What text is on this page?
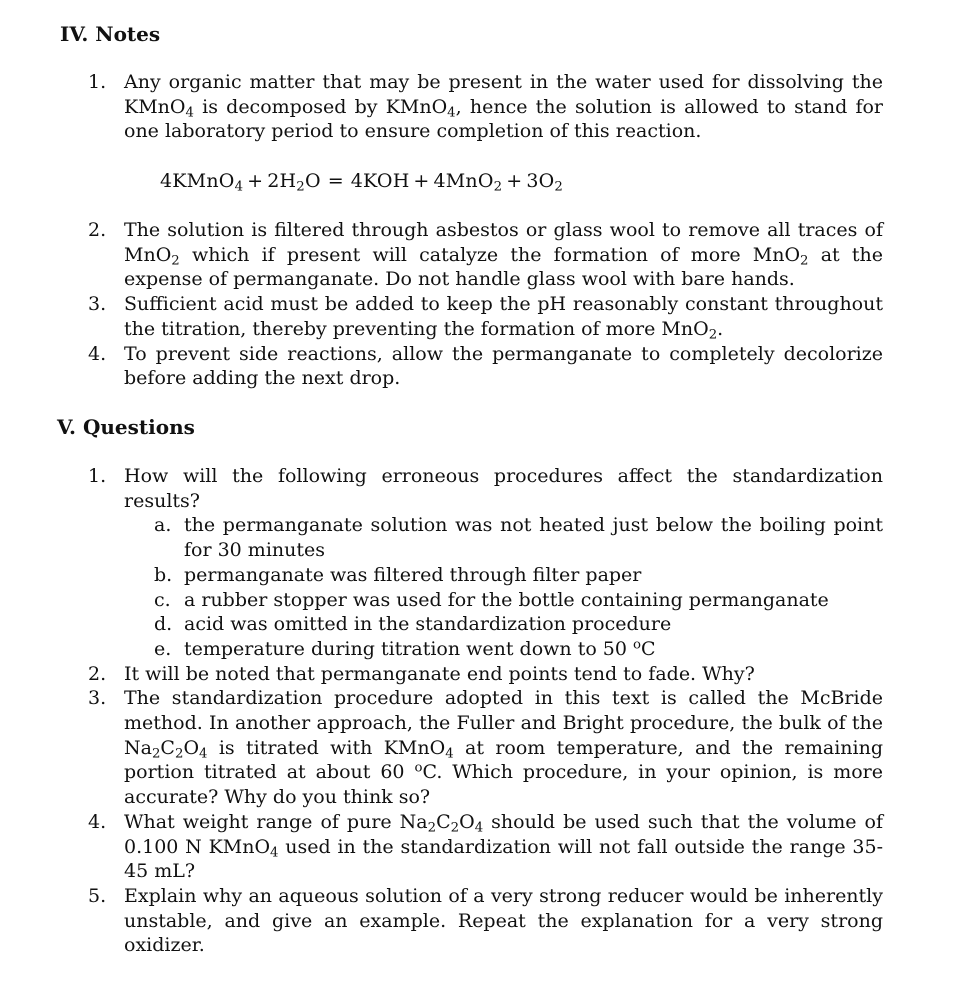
IV. Notes
1. Any organic matter that may be present in the water used for dissolving the KMnO$_4$ is decomposed by KMnO$_4$, hence the solution is allowed to stand for one laboratory period to ensure completion of this reaction.
4KMnO$_4$ + $2H_2O = 4KOH + 4MnO_2 + 3O_2$
2. The solution is filtered through asbestos or glass wool to remove all traces of MnO$_2$ which if present will catalyze the formation of more MnO$_2$ at the expense of permanganate. Do not handle glass wool with bare hands.
3. Sufficient acid must be added to keep the pH reasonably constant throughout the titration, thereby preventing the formation of more MnO$_2$.
4. To prevent side reactions, allow the permanganate to completely decolorize before adding the next drop.
V. Questions
1. How will the following erroneous procedures affect the standardization results?
a. the permanganate solution was not heated just below the boiling point for 30 minutes
b. permanganate was filtered through filter paper
c. a rubber stopper was used for the bottle containing permanganate
d. acid was omitted in the standardization procedure
e. temperature during titration went down to 50 $^o$C
2. It will be noted that permanganate end points tend to fade. Why?
3. The standardization procedure adopted in this text is called the McBride method. In another approach, the Fuller and Bright procedure, the bulk of the $Na_2C_2O_4$ is titrated with KMnO$_4$ at room temperature, and the remaining portion titrated at about 60 $^o$C. Which procedure, in your opinion, is more accurate? Why do you think so?
4. What weight range of pure $Na_2C_2O_4$ should be used such that the volume of 0.100 N KMnO$_4$ used in the standardization will not fall outside the range 35-45 mL?
5. Explain why an aqueous solution of a very strong reducer would be inherently unstable, and give an example. Repeat the explanation for a very strong oxidizer.
